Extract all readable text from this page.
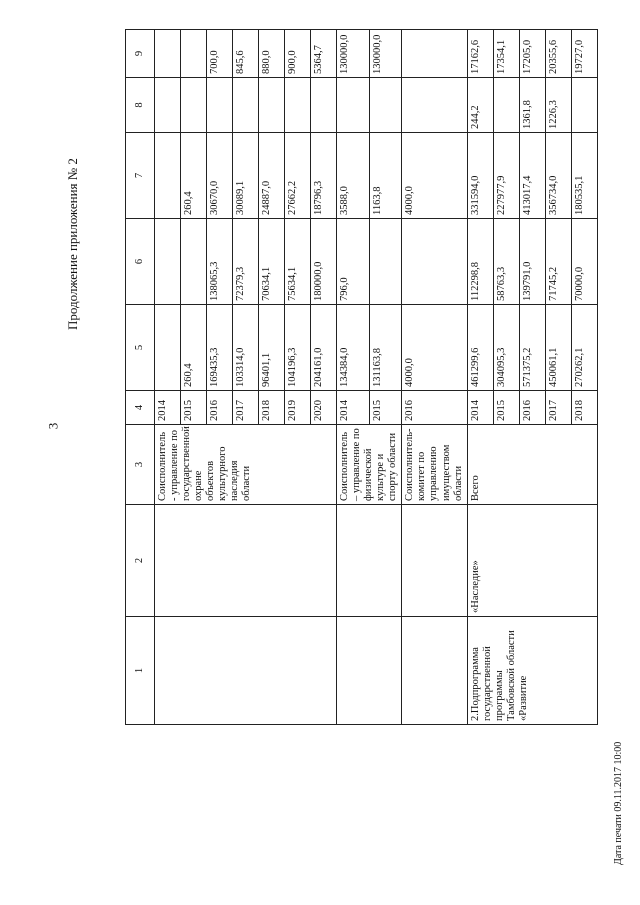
3
Продолжение приложения № 2
Дата печати 09.11.2017 10:00
1	2	3	4	5	6	7	8	9
		Соисполнитель - управление по государственной охране объектов культурного наследия области	2014					
			2015	260,4		260,4		
			2016	169435,3	138065,3	30670,0		700,0
			2017	103314,0	72379,3	30089,1		845,6
			2018	96401,1	70634,1	24887,0		880,0
			2019	104196,3	75634,1	27662,2		900,0
			2020	204161,0	180000,0	18796,3		5364,7
		Соисполнитель – управление по физической культуре и спорту области	2014	134384,0	796,0	3588,0		130000,0
			2015	131163,8		1163,8		130000,0
		Соисполнитель-комитет по управлению имуществом области	2016	4000,0		4000,0		
2.Подпрограмма государственной программы Тамбовской области «Развитие	«Наследие»	Всего	2014	461299,6	112298,8	331594,0	244,2	17162,6
			2015	304095,3	58763,3	227977,9		17354,1
			2016	571375,2	139791,0	413017,4	1361,8	17205,0
			2017	450061,1	71745,2	356734,0	1226,3	20355,6
			2018	270262,1	70000,0	180535,1		19727,0
